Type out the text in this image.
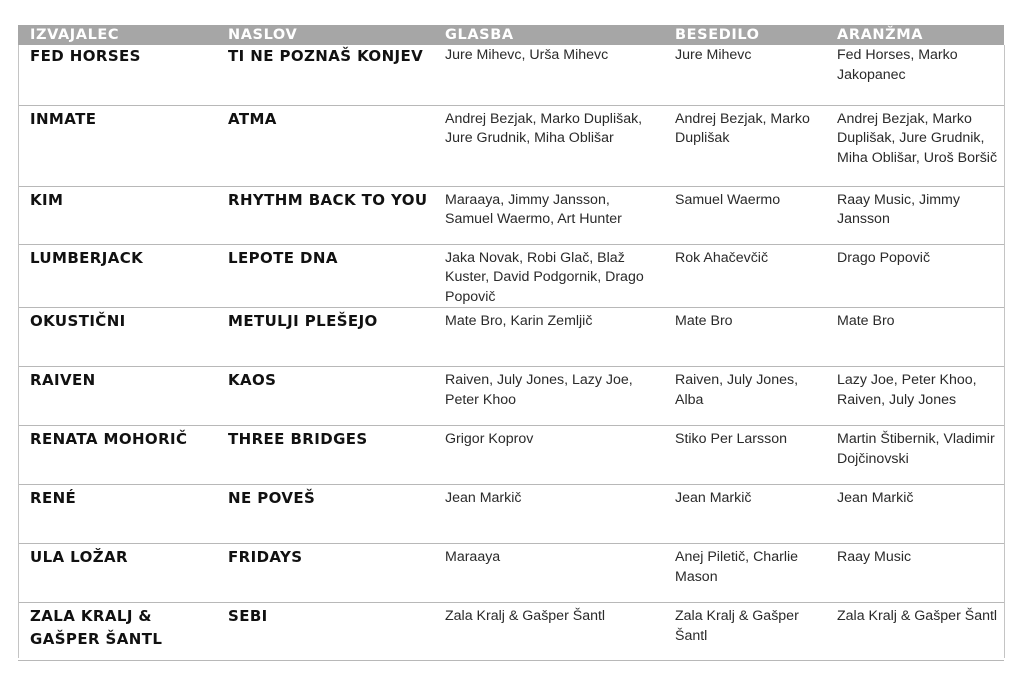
IZVAJALEC	NASLOV	GLASBA	BESEDILO	ARANŽMA
FED HORSES	TI NE POZNAŠ KONJEV	Jure Mihevc, Urša Mihevc	Jure Mihevc	Fed Horses, Marko Jakopanec
INMATE	ATMA	Andrej Bezjak, Marko Duplišak, Jure Grudnik, Miha Oblišar	Andrej Bezjak, Marko Duplišak	Andrej Bezjak, Marko Duplišak, Jure Grudnik, Miha Oblišar, Uroš Boršič
KIM	RHYTHM BACK TO YOU	Maraaya, Jimmy Jansson, Samuel Waermo, Art Hunter	Samuel Waermo	Raay Music, Jimmy Jansson
LUMBERJACK	LEPOTE DNA	Jaka Novak, Robi Glač, Blaž Kuster, David Podgornik, Drago Popovič	Rok Ahačevčič	Drago Popovič
OKUSTIČNI	METULJI PLEŠEJO	Mate Bro, Karin Zemljič	Mate Bro	Mate Bro
RAIVEN	KAOS	Raiven, July Jones, Lazy Joe, Peter Khoo	Raiven, July Jones, Alba	Lazy Joe, Peter Khoo, Raiven, July Jones
RENATA MOHORIČ	THREE BRIDGES	Grigor Koprov	Stiko Per Larsson	Martin Štibernik, Vladimir Dojčinovski
RENÉ	NE POVEŠ	Jean Markič	Jean Markič	Jean Markič
ULA LOŽAR	FRIDAYS	Maraaya	Anej Piletič, Charlie Mason	Raay Music
ZALA KRALJ & GAŠPER ŠANTL	SEBI	Zala Kralj & Gašper Šantl	Zala Kralj & Gašper Šantl	Zala Kralj & Gašper Šantl
